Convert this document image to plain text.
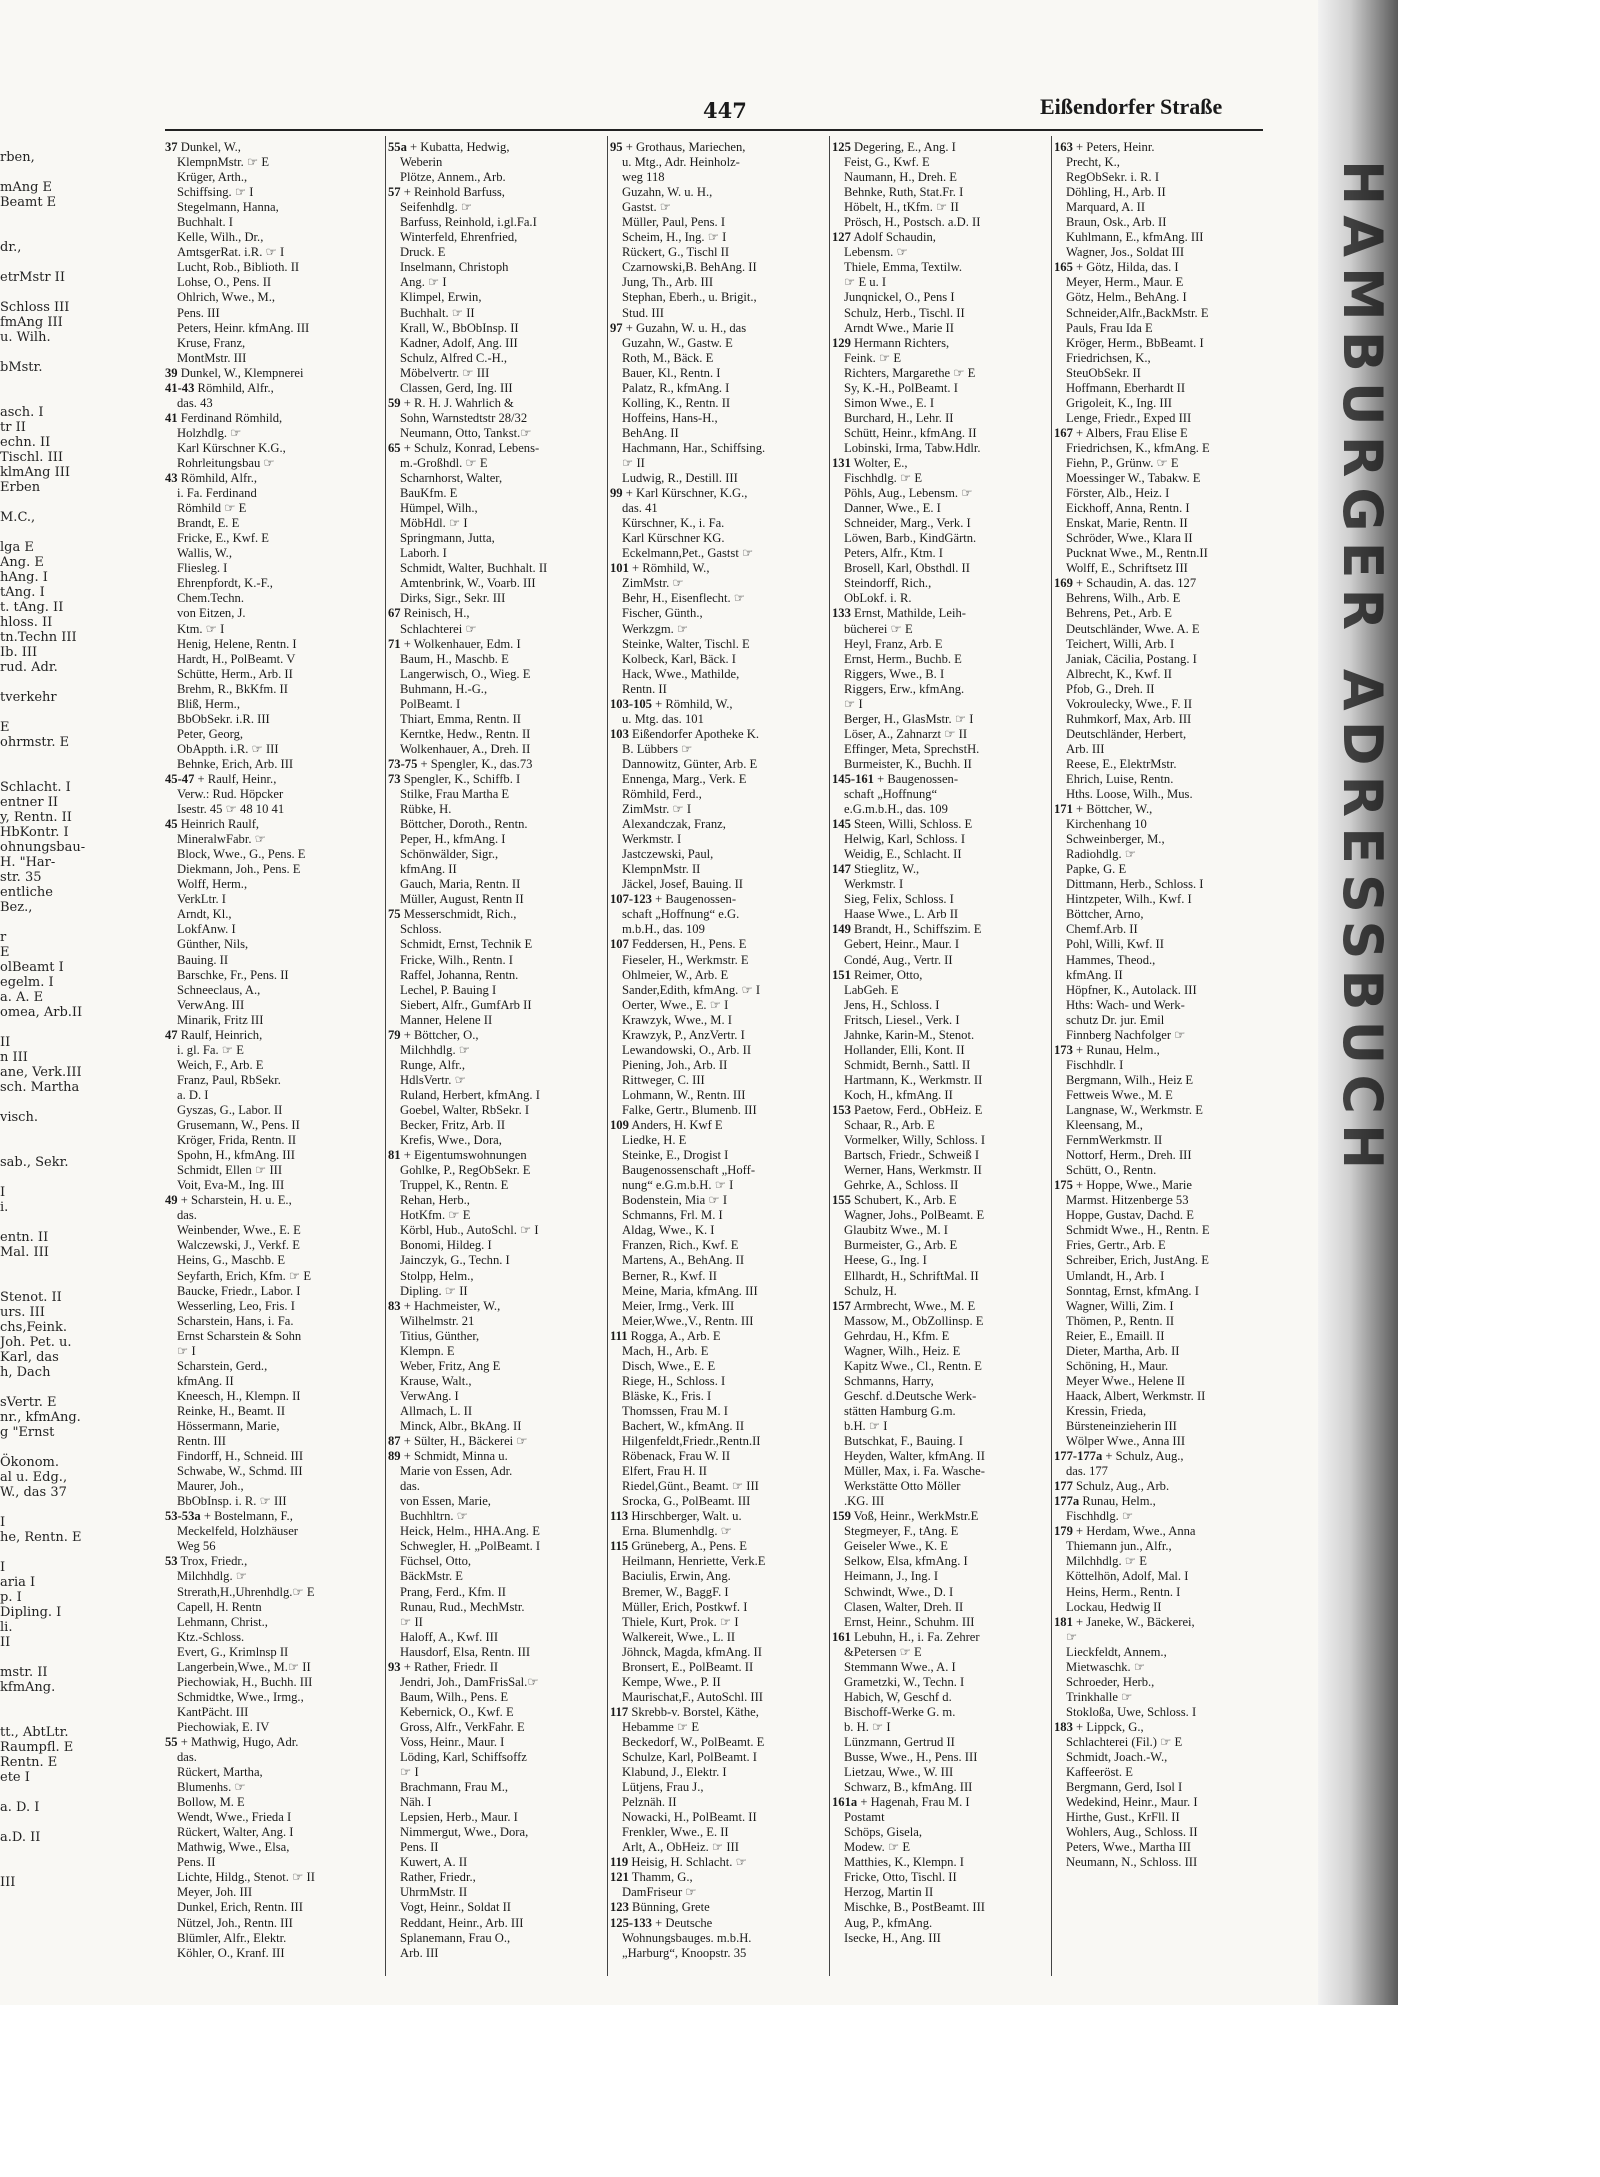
rben,

mAng E
Beamt E

dr.,

etrMstr II

Schloss III
fmAng III
u. Wilh.

bMstr.

asch. I
tr II
echn. II
Tischl. III
klmAng III
Erben

M.C.,

lga E
Ang. E
hAng. I
tAng. I
t. tAng. II
hloss. II
tn.Techn III
Ib. III
rud. Adr.

tverkehr

E
ohrmstr. E

Schlacht. I
entner II
y, Rentn. II
HbKontr. I
ohnungsbau-
H. "Har-
str. 35
entliche
Bez.,

r
E
olBeamt I
egelm. I
a. A. E
omea, Arb.II

II
n III
ane, Verk.III
sch. Martha

visch.

sab., Sekr.

I
i.

entn. II
Mal. III

Stenot. II
urs. III
chs,Feink.
Joh. Pet. u.
Karl, das
h, Dach

sVertr. E
nr., kfmAng.
g "Ernst

Ökonom.
al u. Edg.,
W., das 37

I
he, Rentn. E

I
aria I
p. I
Dipling. I
li.
II

mstr. II
kfmAng.

tt., AbtLtr.
Raumpfl. E
Rentn. E
ete I

a. D. I

a.D. II

III

HAMBURGER ADRESSBUCH
447	Eißendorfer Straße
37 Dunkel, W.,
KlempnMstr. ☞ E
Krüger, Arth.,
Schiffsing. ☞ I
Stegelmann, Hanna,
Buchhalt. I
Kelle, Wilh., Dr.,
AmtsgerRat. i.R. ☞ I
Lucht, Rob., Biblioth. II
Lohse, O., Pens. II
Ohlrich, Wwe., M.,
Pens. III
Peters, Heinr. kfmAng. III
Kruse, Franz,
MontMstr. III
39 Dunkel, W., Klempnerei
41-43 Römhild, Alfr.,
das. 43
41 Ferdinand Römhild,
Holzhdlg. ☞
Karl Kürschner K.G.,
Rohrleitungsbau ☞
43 Römhild, Alfr.,
i. Fa. Ferdinand
Römhild ☞ E
Brandt, E. E
Fricke, E., Kwf. E
Wallis, W.,
Fliesleg. I
Ehrenpfordt, K.-F.,
Chem.Techn.
von Eitzen, J.
Ktm. ☞ I
Henig, Helene, Rentn. I
Hardt, H., PolBeamt. V
Schütte, Herm., Arb. II
Brehm, R., BkKfm. II
Bliß, Herm.,
BbObSekr. i.R. III
Peter, Georg,
ObAppth. i.R. ☞ III
Behnke, Erich, Arb. III
45-47 + Raulf, Heinr.,
Verw.: Rud. Höpcker
Isestr. 45 ☞ 48 10 41
45 Heinrich Raulf,
MineralwFabr. ☞
Block, Wwe., G., Pens. E
Diekmann, Joh., Pens. E
Wolff, Herm.,
VerkLtr. I
Arndt, Kl.,
LokfAnw. I
Günther, Nils,
Bauing. II
Barschke, Fr., Pens. II
Schneeclaus, A.,
VerwAng. III
Minarik, Fritz III
47 Raulf, Heinrich,
i. gl. Fa. ☞ E
Weich, F., Arb. E
Franz, Paul, RbSekr.
a. D. I
Gyszas, G., Labor. II
Grusemann, W., Pens. II
Kröger, Frida, Rentn. II
Spohn, H., kfmAng. III
Schmidt, Ellen ☞ III
Voit, Eva-M., Ing. III
49 + Scharstein, H. u. E.,
das.
Weinbender, Wwe., E. E
Walczewski, J., Verkf. E
Heins, G., Maschb. E
Seyfarth, Erich, Kfm. ☞ E
Baucke, Friedr., Labor. I
Wesserling, Leo, Fris. I
Scharstein, Hans, i. Fa.
Ernst Scharstein & Sohn
☞ I
Scharstein, Gerd.,
kfmAng. II
Kneesch, H., Klempn. II
Reinke, H., Beamt. II
Hössermann, Marie,
Rentn. III
Findorff, H., Schneid. III
Schwabe, W., Schmd. III
Maurer, Joh.,
BbObInsp. i. R. ☞ III
53-53a + Bostelmann, F.,
Meckelfeld, Holzhäuser
Weg 56
53 Trox, Friedr.,
Milchhdlg. ☞
Strerath,H.,Uhrenhdlg.☞ E
Capell, H. Rentn
Lehmann, Christ.,
Ktz.-Schloss.
Evert, G., Krimlnsp II
Langerbein,Wwe., M.☞ II
Piechowiak, H., Buchh. III
Schmidtke, Wwe., Irmg.,
KantPächt. III
Piechowiak, E. IV
55 + Mathwig, Hugo, Adr.
das.
Rückert, Martha,
Blumenhs. ☞
Bollow, M. E
Wendt, Wwe., Frieda I
Rückert, Walter, Ang. I
Mathwig, Wwe., Elsa,
Pens. II
Lichte, Hildg., Stenot. ☞ II
Meyer, Joh. III
Dunkel, Erich, Rentn. III
Nützel, Joh., Rentn. III
Blümler, Alfr., Elektr.
Köhler, O., Kranf. III
55a + Kubatta, Hedwig,
Weberin
Plötze, Annem., Arb.
57 + Reinhold Barfuss,
Seifenhdlg. ☞
Barfuss, Reinhold, i.gl.Fa.I
Winterfeld, Ehrenfried,
Druck. E
Inselmann, Christoph
Ang. ☞ I
Klimpel, Erwin,
Buchhalt. ☞ II
Krall, W., BbObInsp. II
Kadner, Adolf, Ang. III
Schulz, Alfred C.-H.,
Möbelvertr. ☞ III
Classen, Gerd, Ing. III
59 + R. H. J. Wahrlich &
Sohn, Warnstedtstr 28/32
Neumann, Otto, Tankst.☞
65 + Schulz, Konrad, Lebens-
m.-Großhdl. ☞ E
Scharnhorst, Walter,
BauKfm. E
Hümpel, Wilh.,
MöbHdl. ☞ I
Springmann, Jutta,
Laborh. I
Schmidt, Walter, Buchhalt. II
Amtenbrink, W., Voarb. III
Dirks, Sigr., Sekr. III
67 Reinisch, H.,
Schlachterei ☞
71 + Wolkenhauer, Edm. I
Baum, H., Maschb. E
Langerwisch, O., Wieg. E
Buhmann, H.-G.,
PolBeamt. I
Thiart, Emma, Rentn. II
Kerntke, Hedw., Rentn. II
Wolkenhauer, A., Dreh. II
73-75 + Spengler, K., das.73
73 Spengler, K., Schiffb. I
Stilke, Frau Martha E
Rübke, H.
Böttcher, Doroth., Rentn.
Peper, H., kfmAng. I
Schönwälder, Sigr.,
kfmAng. II
Gauch, Maria, Rentn. II
Müller, August, Rentn II
75 Messerschmidt, Rich.,
Schloss.
Schmidt, Ernst, Technik E
Fricke, Wilh., Rentn. I
Raffel, Johanna, Rentn.
Lechel, P. Bauing I
Siebert, Alfr., GumfArb II
Manner, Helene II
79 + Böttcher, O.,
Milchhdlg. ☞
Runge, Alfr.,
HdlsVertr. ☞
Ruland, Herbert, kfmAng. I
Goebel, Walter, RbSekr. I
Becker, Fritz, Arb. II
Krefis, Wwe., Dora,
81 + Eigentumswohnungen
Gohlke, P., RegObSekr. E
Truppel, K., Rentn. E
Rehan, Herb.,
HotKfm. ☞ E
Körbl, Hub., AutoSchl. ☞ I
Bonomi, Hildeg. I
Jainczyk, G., Techn. I
Stolpp, Helm.,
Dipling. ☞ II
83 + Hachmeister, W.,
Wilhelmstr. 21
Titius, Günther,
Klempn. E
Weber, Fritz, Ang E
Krause, Walt.,
VerwAng. I
Allmach, L. II
Minck, Albr., BkAng. II
87 + Sülter, H., Bäckerei ☞
89 + Schmidt, Minna u.
Marie von Essen, Adr.
das.
von Essen, Marie,
Buchhltrn. ☞
Heick, Helm., HHA.Ang. E
Schwegler, H. „PolBeamt. I
Füchsel, Otto,
BäckMstr. E
Prang, Ferd., Kfm. II
Runau, Rud., MechMstr.
☞ II
Haloff, A., Kwf. III
Hausdorf, Elsa, Rentn. III
93 + Rather, Friedr. II
Jendri, Joh., DamFrisSal.☞
Baum, Wilh., Pens. E
Kebernick, O., Kwf. E
Gross, Alfr., VerkFahr. E
Voss, Heinr., Maur. I
Löding, Karl, Schiffsoffz
☞ I
Brachmann, Frau M.,
Näh. I
Lepsien, Herb., Maur. I
Nimmergut, Wwe., Dora,
Pens. II
Kuwert, A. II
Rather, Friedr.,
UhrmMstr. II
Vogt, Heinr., Soldat II
Reddant, Heinr., Arb. III
Splanemann, Frau O.,
Arb. III
95 + Grothaus, Mariechen,
u. Mtg., Adr. Heinholz-
weg 118
Guzahn, W. u. H.,
Gastst. ☞
Müller, Paul, Pens. I
Scheim, H., Ing. ☞ I
Rückert, G., Tischl II
Czarnowski,B. BehAng. II
Jung, Th., Arb. III
Stephan, Eberh., u. Brigit.,
Stud. III
97 + Guzahn, W. u. H., das
Guzahn, W., Gastw. E
Roth, M., Bäck. E
Bauer, Kl., Rentn. I
Palatz, R., kfmAng. I
Kolling, K., Rentn. II
Hoffeins, Hans-H.,
BehAng. II
Hachmann, Har., Schiffsing.
☞ II
Ludwig, R., Destill. III
99 + Karl Kürschner, K.G.,
das. 41
Kürschner, K., i. Fa.
Karl Kürschner KG.
Eckelmann,Pet., Gastst ☞
101 + Römhild, W.,
ZimMstr. ☞
Behr, H., Eisenflecht. ☞
Fischer, Günth.,
Werkzgm. ☞
Steinke, Walter, Tischl. E
Kolbeck, Karl, Bäck. I
Hack, Wwe., Mathilde,
Rentn. II
103-105 + Römhild, W.,
u. Mtg. das. 101
103 Eißendorfer Apotheke K.
B. Lübbers ☞
Dannowitz, Günter, Arb. E
Ennenga, Marg., Verk. E
Römhild, Ferd.,
ZimMstr. ☞ I
Alexandczak, Franz,
Werkmstr. I
Jastczewski, Paul,
KlempnMstr. II
Jäckel, Josef, Bauing. II
107-123 + Baugenossen-
schaft „Hoffnung“ e.G.
m.b.H., das. 109
107 Feddersen, H., Pens. E
Fieseler, H., Werkmstr. E
Ohlmeier, W., Arb. E
Sander,Edith, kfmAng. ☞ I
Oerter, Wwe., E. ☞ I
Krawzyk, Wwe., M. I
Krawzyk, P., AnzVertr. I
Lewandowski, O., Arb. II
Piening, Joh., Arb. II
Rittweger, C. III
Lohmann, W., Rentn. III
Falke, Gertr., Blumenb. III
109 Anders, H. Kwf E
Liedke, H. E
Steinke, E., Drogist I
Baugenossenschaft „Hoff-
nung“ e.G.m.b.H. ☞ I
Bodenstein, Mia ☞ I
Schmanns, Frl. M. I
Aldag, Wwe., K. I
Franzen, Rich., Kwf. E
Martens, A., BehAng. II
Berner, R., Kwf. II
Meine, Maria, kfmAng. III
Meier, Irmg., Verk. III
Meier,Wwe.,V., Rentn. III
111 Rogga, A., Arb. E
Mach, H., Arb. E
Disch, Wwe., E. E
Riege, H., Schloss. I
Bläske, K., Fris. I
Thomssen, Frau M. I
Bachert, W., kfmAng. II
Hilgenfeldt,Friedr.,Rentn.II
Röbenack, Frau W. II
Elfert, Frau H. II
Riedel,Günt., Beamt. ☞ III
Srocka, G., PolBeamt. III
113 Hirschberger, Walt. u.
Erna. Blumenhdlg. ☞
115 Grüneberg, A., Pens. E
Heilmann, Henriette, Verk.E
Baciulis, Erwin, Ang.
Bremer, W., BaggF. I
Müller, Erich, Postkwf. I
Thiele, Kurt, Prok. ☞ I
Walkereit, Wwe., L. II
Jöhnck, Magda, kfmAng. II
Bronsert, E., PolBeamt. II
Kempe, Wwe., P. II
Maurischat,F., AutoSchl. III
117 Skrebb-v. Borstel, Käthe,
Hebamme ☞ E
Beckedorf, W., PolBeamt. E
Schulze, Karl, PolBeamt. I
Klabund, J., Elektr. I
Lütjens, Frau J.,
Pelznäh. II
Nowacki, H., PolBeamt. II
Frenkler, Wwe., E. II
Arlt, A., ObHeiz. ☞ III
119 Heisig, H. Schlacht. ☞
121 Thamm, G.,
DamFriseur ☞
123 Bünning, Grete
125-133 + Deutsche
Wohnungsbauges. m.b.H.
„Harburg“, Knoopstr. 35
125 Degering, E., Ang. I
Feist, G., Kwf. E
Naumann, H., Dreh. E
Behnke, Ruth, Stat.Fr. I
Höbelt, H., tKfm. ☞ II
Prösch, H., Postsch. a.D. II
127 Adolf Schaudin,
Lebensm. ☞
Thiele, Emma, Textilw.
☞ E u. I
Junqnickel, O., Pens I
Schulz, Herb., Tischl. II
Arndt Wwe., Marie II
129 Hermann Richters,
Feink. ☞ E
Richters, Margarethe ☞ E
Sy, K.-H., PolBeamt. I
Simon Wwe., E. I
Burchard, H., Lehr. II
Schütt, Heinr., kfmAng. II
Lobinski, Irma, Tabw.Hdlr.
131 Wolter, E.,
Fischhdlg. ☞ E
Pöhls, Aug., Lebensm. ☞
Danner, Wwe., E. I
Schneider, Marg., Verk. I
Löwen, Barb., KindGärtn.
Peters, Alfr., Ktm. I
Brosell, Karl, Obsthdl. II
Steindorff, Rich.,
ObLokf. i. R.
133 Ernst, Mathilde, Leih-
bücherei ☞ E
Heyl, Franz, Arb. E
Ernst, Herm., Buchb. E
Riggers, Wwe., B. I
Riggers, Erw., kfmAng.
☞ I
Berger, H., GlasMstr. ☞ I
Löser, A., Zahnarzt ☞ II
Effinger, Meta, SprechstH.
Burmeister, K., Buchh. II
145-161 + Baugenossen-
schaft „Hoffnung“
e.G.m.b.H., das. 109
145 Steen, Willi, Schloss. E
Helwig, Karl, Schloss. I
Weidig, E., Schlacht. II
147 Stieglitz, W.,
Werkmstr. I
Sieg, Felix, Schloss. I
Haase Wwe., L. Arb II
149 Brandt, H., Schiffszim. E
Gebert, Heinr., Maur. I
Condé, Aug., Vertr. II
151 Reimer, Otto,
LabGeh. E
Jens, H., Schloss. I
Fritsch, Liesel., Verk. I
Jahnke, Karin-M., Stenot.
Hollander, Elli, Kont. II
Schmidt, Bernh., Sattl. II
Hartmann, K., Werkmstr. II
Koch, H., kfmAng. II
153 Paetow, Ferd., ObHeiz. E
Schaar, R., Arb. E
Vormelker, Willy, Schloss. I
Bartsch, Friedr., Schweiß I
Werner, Hans, Werkmstr. II
Gehrke, A., Schloss. II
155 Schubert, K., Arb. E
Wagner, Johs., PolBeamt. E
Glaubitz Wwe., M. I
Burmeister, G., Arb. E
Heese, G., Ing. I
Ellhardt, H., SchriftMal. II
Schulz, H.
157 Armbrecht, Wwe., M. E
Massow, M., ObZollinsp. E
Gehrdau, H., Kfm. E
Wagner, Wilh., Heiz. E
Kapitz Wwe., Cl., Rentn. E
Schmanns, Harry,
Geschf. d.Deutsche Werk-
stätten Hamburg G.m.
b.H. ☞ I
Butschkat, F., Bauing. I
Heyden, Walter, kfmAng. II
Müller, Max, i. Fa. Wasche-
Werkstätte Otto Möller
.KG. III
159 Voß, Heinr., WerkMstr.E
Stegmeyer, F., tAng. E
Geiseler Wwe., K. E
Selkow, Elsa, kfmAng. I
Heimann, J., Ing. I
Schwindt, Wwe., D. I
Clasen, Walter, Dreh. II
Ernst, Heinr., Schuhm. III
161 Lebuhn, H., i. Fa. Zehrer
&Petersen ☞ E
Stemmann Wwe., A. I
Grametzki, W., Techn. I
Habich, W, Geschf d.
Bischoff-Werke G. m.
b. H. ☞ I
Lünzmann, Gertrud II
Busse, Wwe., H., Pens. III
Lietzau, Wwe., W. III
Schwarz, B., kfmAng. III
161a + Hagenah, Frau M. I
Postamt
Schöps, Gisela,
Modew. ☞ E
Matthies, K., Klempn. I
Fricke, Otto, Tischl. II
Herzog, Martin II
Mischke, B., PostBeamt. III
Aug, P., kfmAng.
Isecke, H., Ang. III
163 + Peters, Heinr.
Precht, K.,
RegObSekr. i. R. I
Döhling, H., Arb. II
Marquard, A. II
Braun, Osk., Arb. II
Kuhlmann, E., kfmAng. III
Wagner, Jos., Soldat III
165 + Götz, Hilda, das. I
Meyer, Herm., Maur. E
Götz, Helm., BehAng. I
Schneider,Alfr.,BackMstr. E
Pauls, Frau Ida E
Kröger, Herm., BbBeamt. I
Friedrichsen, K.,
SteuObSekr. II
Hoffmann, Eberhardt II
Grigoleit, K., Ing. III
Lenge, Friedr., Exped III
167 + Albers, Frau Elise E
Friedrichsen, K., kfmAng. E
Fiehn, P., Grünw. ☞ E
Moessinger W., Tabakw. E
Förster, Alb., Heiz. I
Eickhoff, Anna, Rentn. I
Enskat, Marie, Rentn. II
Schröder, Wwe., Klara II
Pucknat Wwe., M., Rentn.II
Wolff, E., Schriftsetz III
169 + Schaudin, A. das. 127
Behrens, Wilh., Arb. E
Behrens, Pet., Arb. E
Deutschländer, Wwe. A. E
Teichert, Willi, Arb. I
Janiak, Cäcilia, Postang. I
Albrecht, K., Kwf. II
Pfob, G., Dreh. II
Vokroulecky, Wwe., F. II
Ruhmkorf, Max, Arb. III
Deutschländer, Herbert,
Arb. III
Reese, E., ElektrMstr.
Ehrich, Luise, Rentn.
Hths. Loose, Wilh., Mus.
171 + Böttcher, W.,
Kirchenhang 10
Schweinberger, M.,
Radiohdlg. ☞
Papke, G. E
Dittmann, Herb., Schloss. I
Hintzpeter, Wilh., Kwf. I
Böttcher, Arno,
Chemf.Arb. II
Pohl, Willi, Kwf. II
Hammes, Theod.,
kfmAng. II
Höpfner, K., Autolack. III
Hths: Wach- und Werk-
schutz Dr. jur. Emil
Finnberg Nachfolger ☞
173 + Runau, Helm.,
Fischhdlr. I
Bergmann, Wilh., Heiz E
Fettweis Wwe., M. E
Langnase, W., Werkmstr. E
Kleensang, M.,
FernmWerkmstr. II
Nottorf, Herm., Dreh. III
Schütt, O., Rentn.
175 + Hoppe, Wwe., Marie
Marmst. Hitzenberge 53
Hoppe, Gustav, Dachd. E
Schmidt Wwe., H., Rentn. E
Fries, Gertr., Arb. E
Schreiber, Erich, JustAng. E
Umlandt, H., Arb. I
Sonntag, Ernst, kfmAng. I
Wagner, Willi, Zim. I
Thömen, P., Rentn. II
Reier, E., Emaill. II
Dieter, Martha, Arb. II
Schöning, H., Maur.
Meyer Wwe., Helene II
Haack, Albert, Werkmstr. II
Kressin, Frieda,
Bürsteneinzieherin III
Wölper Wwe., Anna III
177-177a + Schulz, Aug.,
das. 177
177 Schulz, Aug., Arb.
177a Runau, Helm.,
Fischhdlg. ☞
179 + Herdam, Wwe., Anna
Thiemann jun., Alfr.,
Milchhdlg. ☞ E
Köttelhön, Adolf, Mal. I
Heins, Herm., Rentn. I
Lockau, Hedwig II
181 + Janeke, W., Bäckerei,
☞
Lieckfeldt, Annem.,
Mietwaschk. ☞
Schroeder, Herb.,
Trinkhalle ☞
Stokloßa, Uwe, Schloss. I
183 + Lippck, G.,
Schlachterei (Fil.) ☞ E
Schmidt, Joach.-W.,
Kaffeeröst. E
Bergmann, Gerd, Isol I
Wedekind, Heinr., Maur. I
Hirthe, Gust., KrFll. II
Wohlers, Aug., Schloss. II
Peters, Wwe., Martha III
Neumann, N., Schloss. III
